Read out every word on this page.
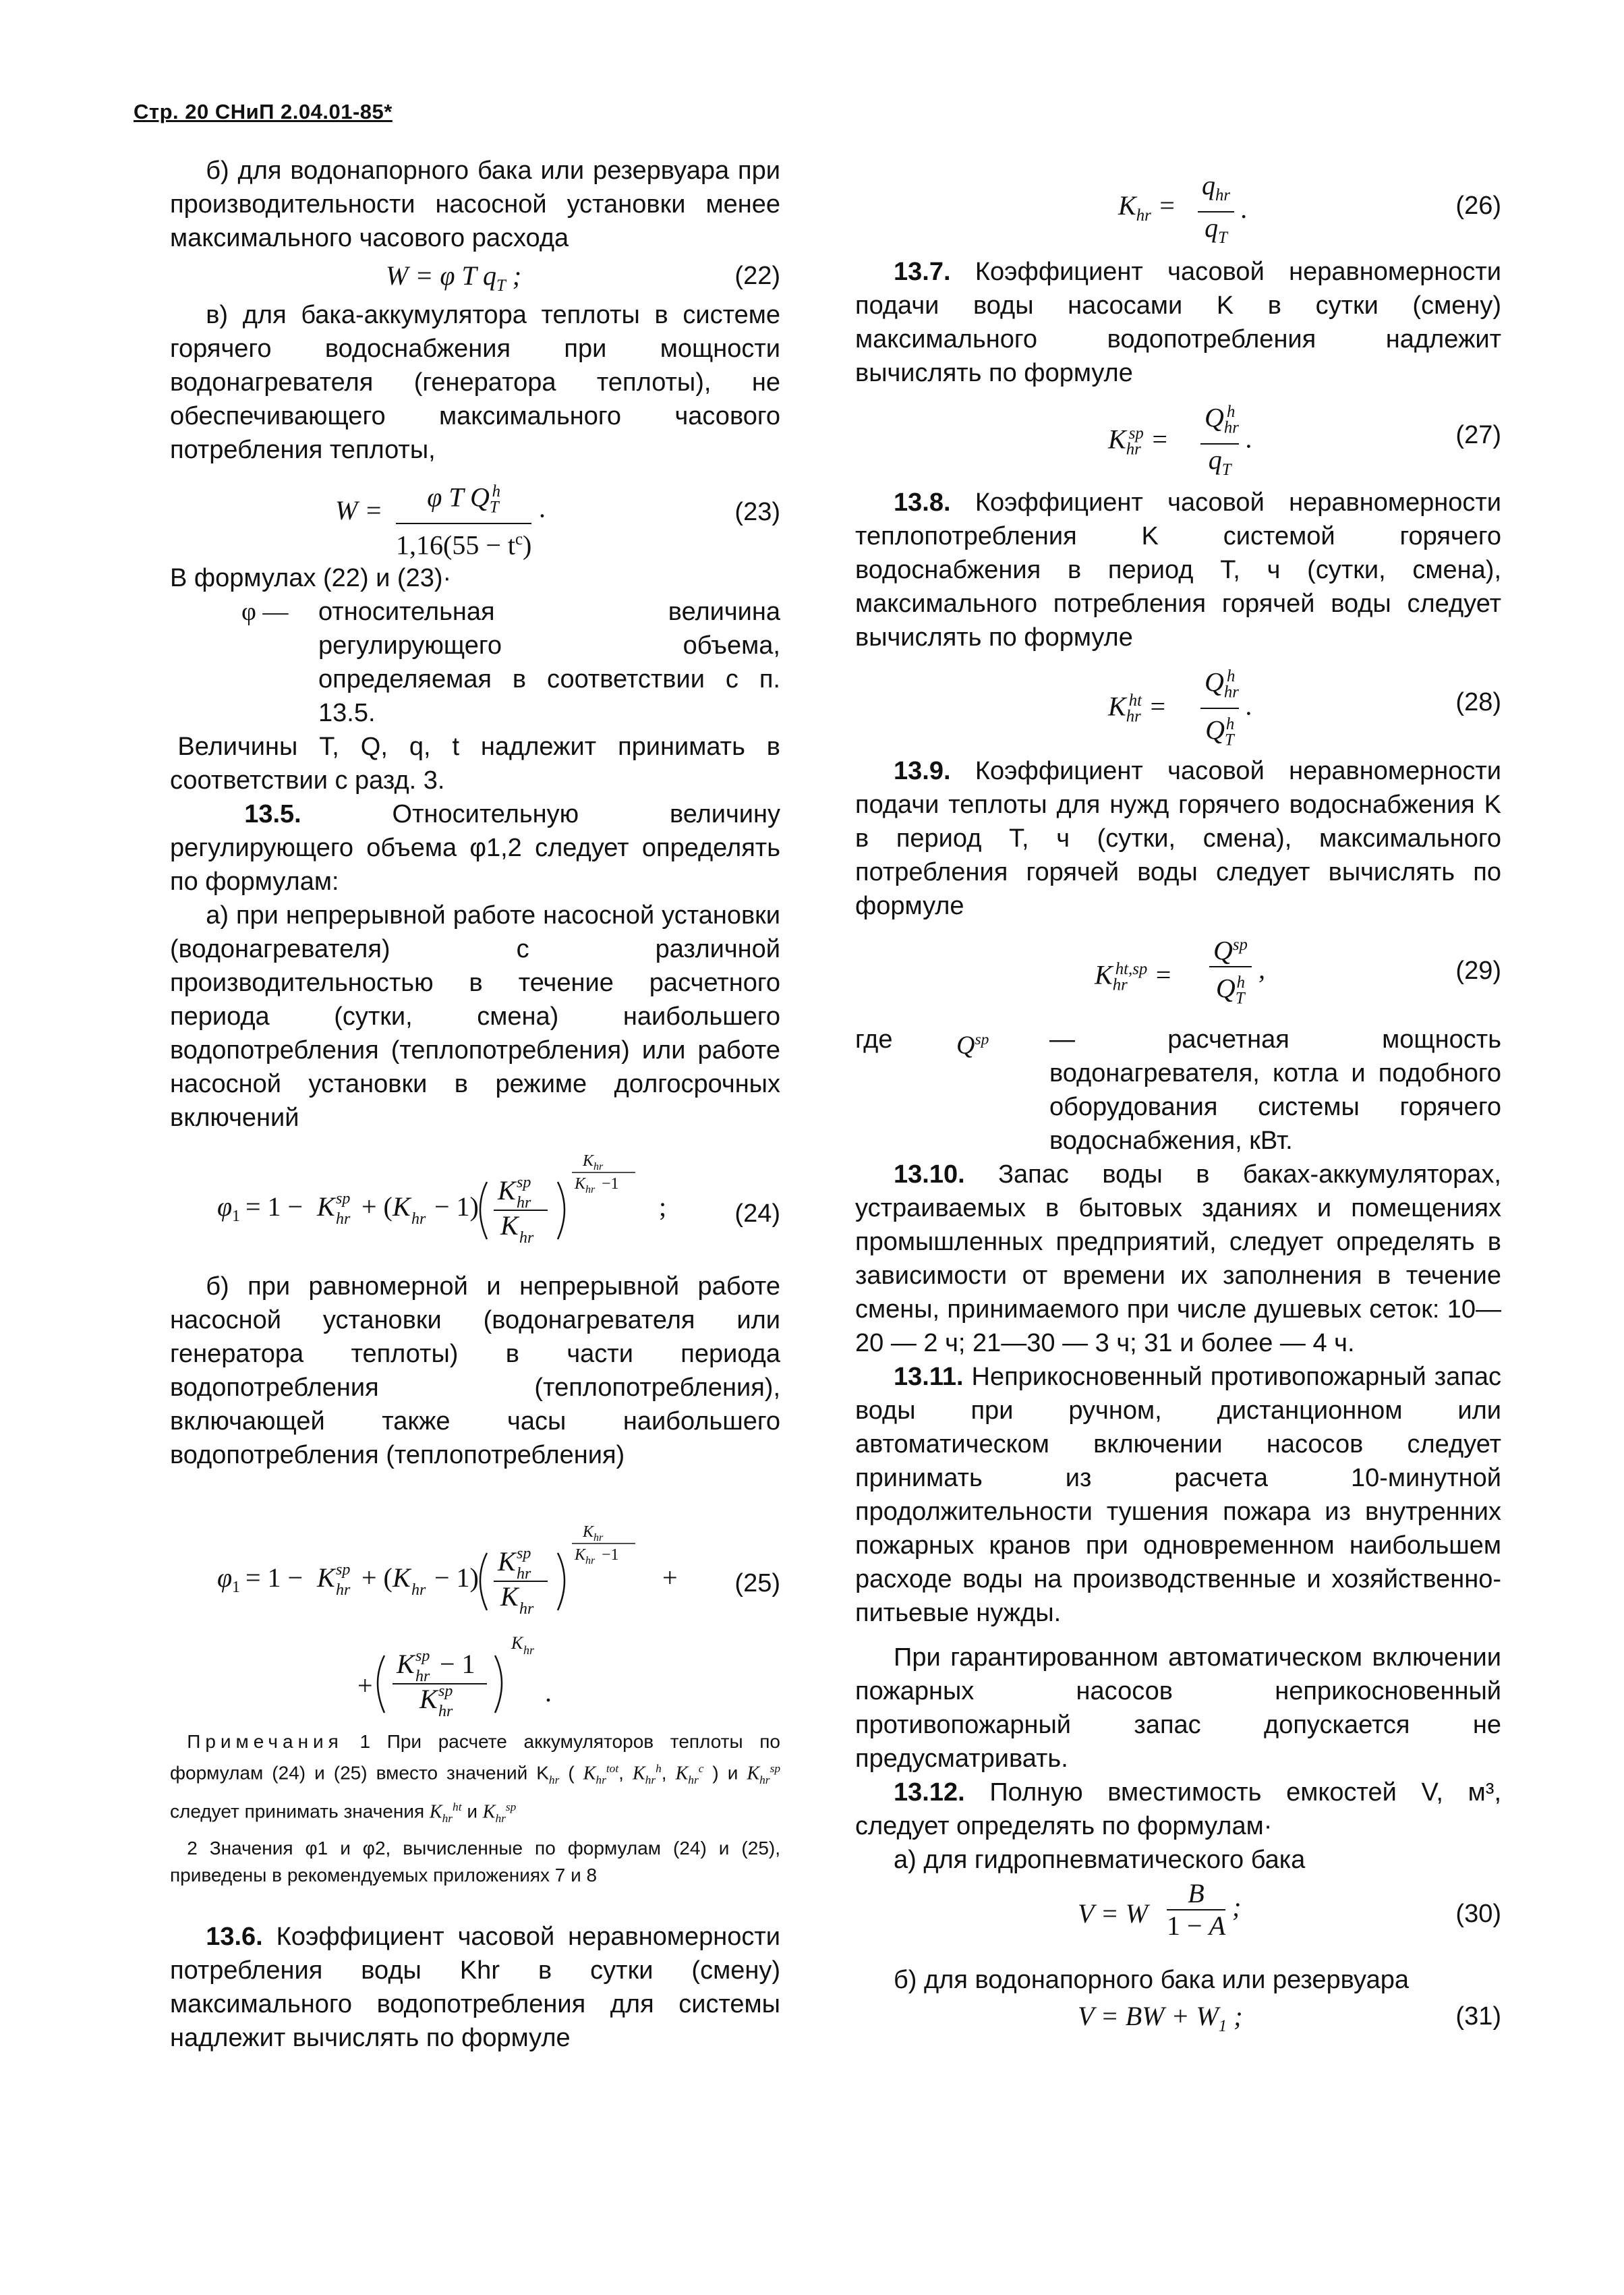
Стр. 20 СНиП 2.04.01-85*

б) для водонапорного бака или резервуара при производительности насосной установки менее максимального часового расхода

W = φ T $q_T$ ;	(22)

в) для бака-аккумулятора теплоты в системе горячего водоснабжения при мощности водонагревателя (генератора теплоты), не обеспечивающего максимального часового потребления теплоты,

$W = \frac{\varphi T Q_T^h}{1,16(55 - t^c)}$ ·	(23)

В формулах (22) и (23)·

φ — относительная величина регулирующего объема, определяемая в соответствии с п. 13.5.

Величины T, Q, q, t надлежит принимать в соответствии с разд. 3.

13.5. Относительную величину регулирующего объема φ1,2 следует определять по формулам:

а) при непрерывной работе насосной установки (водонагревателя) с различной производительностью в течение расчетного периода (сутки, смена) наибольшего водопотребления (теплопотребления) или работе насосной установки в режиме долгосрочных включений

φ 1 = 1 − K hr
sp + ( K hr − 1)
K hr
sp
K hr
K hr
K hr −1
;	(24)

б) при равномерной и непрерывной работе насосной установки (водонагревателя или генератора теплоты) в части периода водопотребления (теплопотребления), включающей также часы наибольшего водопотребления (теплопотребления)

φ 1 = 1 − K hr
sp + ( K hr − 1)
K hr
sp
K hr
K hr
K hr −1
+
+
K hr
sp − 1
K hr
sp
K hr
.
(25)
Примечания 1 При расчете аккумуляторов теплоты по формулам (24) и (25) вместо значений $K_{hr}$ ( $K_{hr}^{tot}$, $K_{hr}^h$, $K_{hr}^c$ ) и $K_{hr}^{sp}$ следует принимать значения $K_{hr}^{ht}$ и $K_{hr}^{sp}$
2 Значения φ1 и φ2, вычисленные по формулам (24) и (25), приведены в рекомендуемых приложениях 7 и 8

13.6. Коэффициент часовой неравномерности потребления воды Khr в сутки (смену) максимального водопотребления для системы надлежит вычислять по формуле

$K_{hr} = \frac{q_{hr}}{q_T}$ .	(26)

13.7. Коэффициент часовой неравномерности подачи воды насосами K в сутки (смену) максимального водопотребления надлежит вычислять по формуле

$K_{hr}^{sp} = \frac{Q_{hr}^h}{q_T}$ .	(27)

13.8. Коэффициент часовой неравномерности теплопотребления K системой горячего водоснабжения в период T, ч (сутки, смена), максимального потребления горячей воды следует вычислять по формуле

$K_{hr}^{ht} = \frac{Q_{hr}^h}{Q_T^h}$ .	(28)

13.9. Коэффициент часовой неравномерности подачи теплоты для нужд горячего водоснабжения K в период T, ч (сутки, смена), максимального потребления горячей воды следует вычислять по формуле

$K_{hr}^{ht,sp} = \frac{Q^{sp}}{Q_T^h}$ ,	(29)
где $Q^{sp}$ — расчетная мощность водонагревателя, котла и подобного оборудования системы горячего водоснабжения, кВт.

13.10. Запас воды в баках-аккумуляторах, устраиваемых в бытовых зданиях и помещениях промышленных предприятий, следует определять в зависимости от времени их заполнения в течение смены, принимаемого при числе душевых сеток: 10—20 — 2 ч; 21—30 — 3 ч; 31 и более — 4 ч.

13.11. Неприкосновенный противопожарный запас воды при ручном, дистанционном или автоматическом включении насосов следует принимать из расчета 10-минутной продолжительности тушения пожара из внутренних пожарных кранов при одновременном наибольшем расходе воды на производственные и хозяйственно-питьевые нужды.

При гарантированном автоматическом включении пожарных насосов неприкосновенный противопожарный запас допускается не предусматривать.

13.12. Полную вместимость емкостей V, м³, следует определять по формулам·

а) для гидропневматического бака

V = W $\frac{B}{1 - A}$ ;	(30)

б) для водонапорного бака или резервуара

V = BW + $W_1$ ;	(31)
